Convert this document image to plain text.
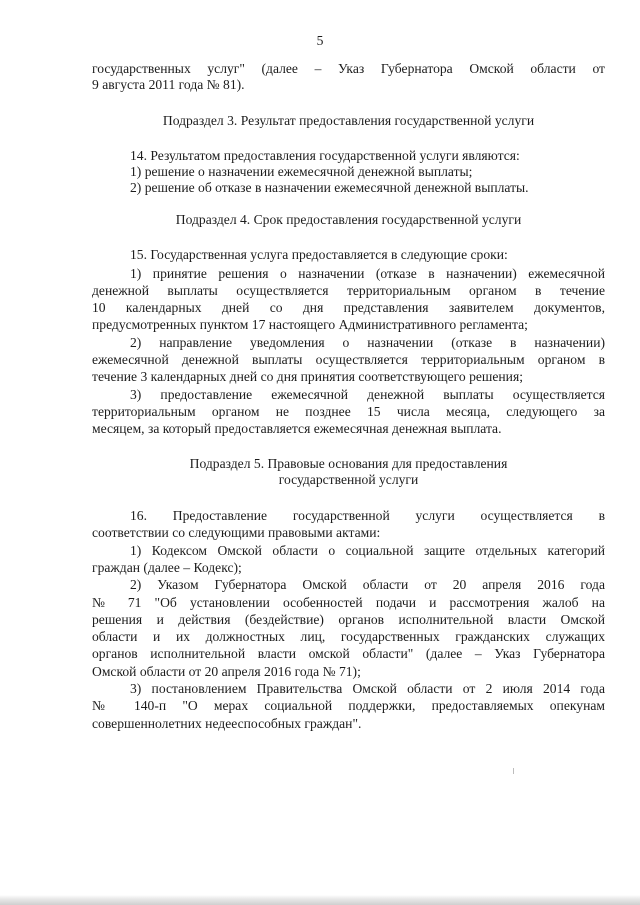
5
государственных услуг" (далее – Указ Губернатора Омской области от
9 августа 2011 года № 81).
Подраздел 3. Результат предоставления государственной услуги
14. Результатом предоставления государственной услуги являются:
1) решение о назначении ежемесячной денежной выплаты;
2) решение об отказе в назначении ежемесячной денежной выплаты.
Подраздел 4. Срок предоставления государственной услуги
15. Государственная услуга предоставляется в следующие сроки:
1) принятие решения о назначении (отказе в назначении) ежемесячной
денежной выплаты осуществляется территориальным органом в течение
10 календарных дней со дня представления заявителем документов,
предусмотренных пунктом 17 настоящего Административного регламента;
2) направление уведомления о назначении (отказе в назначении)
ежемесячной денежной выплаты осуществляется территориальным органом в
течение 3 календарных дней со дня принятия соответствующего решения;
3) предоставление ежемесячной денежной выплаты осуществляется
территориальным органом не позднее 15 числа месяца, следующего за
месяцем, за который предоставляется ежемесячная денежная выплата.
Подраздел 5. Правовые основания для предоставления
государственной услуги
16. Предоставление государственной услуги осуществляется в
соответствии со следующими правовыми актами:
1) Кодексом Омской области о социальной защите отдельных категорий
граждан (далее – Кодекс);
2) Указом Губернатора Омской области от 20 апреля 2016 года
№ 71 "Об установлении особенностей подачи и рассмотрения жалоб на
решения и действия (бездействие) органов исполнительной власти Омской
области и их должностных лиц, государственных гражданских служащих
органов исполнительной власти омской области" (далее – Указ Губернатора
Омской области от 20 апреля 2016 года № 71);
3) постановлением Правительства Омской области от 2 июля 2014 года
№ 140-п "О мерах социальной поддержки, предоставляемых опекунам
совершеннолетних недееспособных граждан".
